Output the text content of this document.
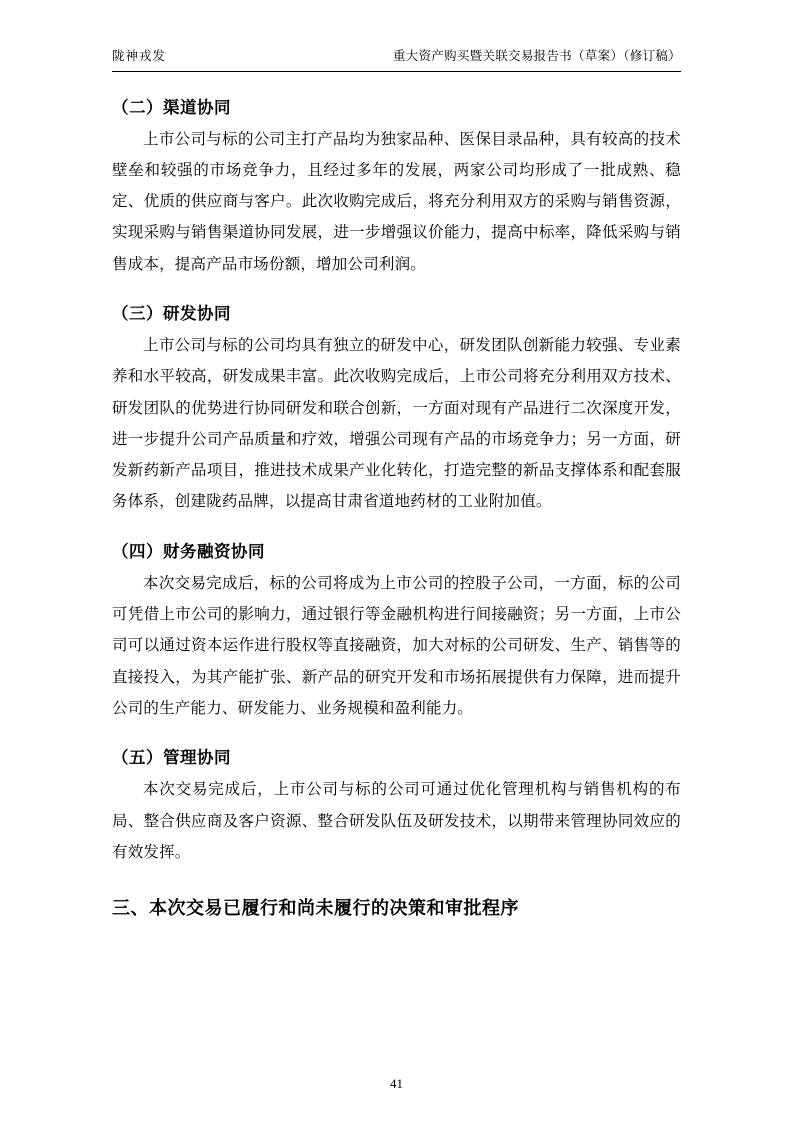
陇神戎发	重大资产购买暨关联交易报告书（草案）（修订稿）
（二）渠道协同

上市公司与标的公司主打产品均为独家品种、医保目录品种，具有较高的技术壁垒和较强的市场竞争力，且经过多年的发展，两家公司均形成了一批成熟、稳定、优质的供应商与客户。此次收购完成后，将充分利用双方的采购与销售资源，实现采购与销售渠道协同发展，进一步增强议价能力，提高中标率，降低采购与销售成本，提高产品市场份额，增加公司利润。

（三）研发协同

上市公司与标的公司均具有独立的研发中心，研发团队创新能力较强、专业素养和水平较高，研发成果丰富。此次收购完成后，上市公司将充分利用双方技术、研发团队的优势进行协同研发和联合创新，一方面对现有产品进行二次深度开发，进一步提升公司产品质量和疗效，增强公司现有产品的市场竞争力；另一方面，研发新药新产品项目，推进技术成果产业化转化，打造完整的新品支撑体系和配套服务体系，创建陇药品牌，以提高甘肃省道地药材的工业附加值。

（四）财务融资协同

本次交易完成后，标的公司将成为上市公司的控股子公司，一方面，标的公司可凭借上市公司的影响力，通过银行等金融机构进行间接融资；另一方面，上市公司可以通过资本运作进行股权等直接融资，加大对标的公司研发、生产、销售等的直接投入，为其产能扩张、新产品的研究开发和市场拓展提供有力保障，进而提升公司的生产能力、研发能力、业务规模和盈利能力。

（五）管理协同

本次交易完成后，上市公司与标的公司可通过优化管理机构与销售机构的布局、整合供应商及客户资源、整合研发队伍及研发技术，以期带来管理协同效应的有效发挥。

三、本次交易已履行和尚未履行的决策和审批程序
41
